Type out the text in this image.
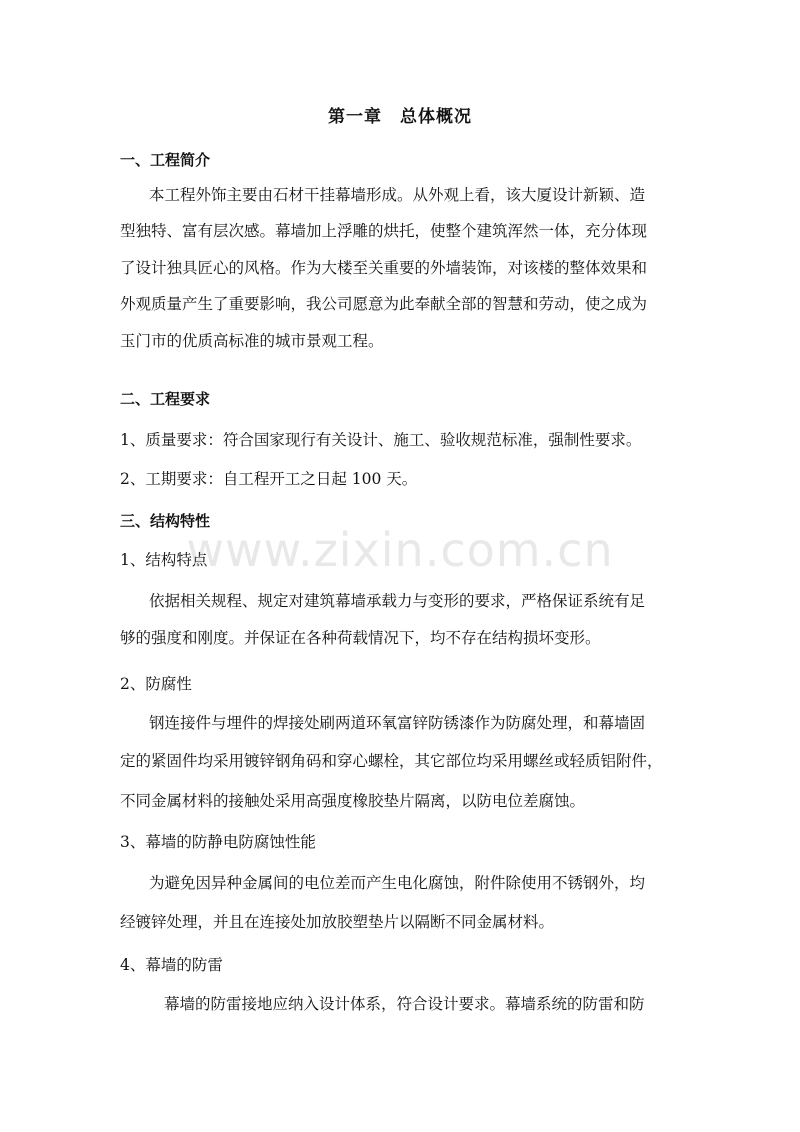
第一章　总体概况
一、工程简介
本工程外饰主要由石材干挂幕墙形成。从外观上看，该大厦设计新颖、造
型独特、富有层次感。幕墙加上浮雕的烘托，使整个建筑浑然一体，充分体现
了设计独具匠心的风格。作为大楼至关重要的外墙装饰，对该楼的整体效果和
外观质量产生了重要影响，我公司愿意为此奉献全部的智慧和劳动，使之成为
玉门市的优质高标准的城市景观工程。
二、工程要求
1、质量要求：符合国家现行有关设计、施工、验收规范标准，强制性要求。
2、工期要求：自工程开工之日起 100 天。
三、结构特性
1、结构特点
依据相关规程、规定对建筑幕墙承载力与变形的要求，严格保证系统有足
够的强度和刚度。并保证在各种荷载情况下，均不存在结构损坏变形。
2、防腐性
钢连接件与埋件的焊接处刷两道环氧富锌防锈漆作为防腐处理，和幕墙固
定的紧固件均采用镀锌钢角码和穿心螺栓，其它部位均采用螺丝或轻质铝附件，
不同金属材料的接触处采用高强度橡胶垫片隔离，以防电位差腐蚀。
3、幕墙的防静电防腐蚀性能
为避免因异种金属间的电位差而产生电化腐蚀，附件除使用不锈钢外，均
经镀锌处理，并且在连接处加放胶塑垫片以隔断不同金属材料。
4、幕墙的防雷
幕墙的防雷接地应纳入设计体系，符合设计要求。幕墙系统的防雷和防
www.zixin.com.cn
